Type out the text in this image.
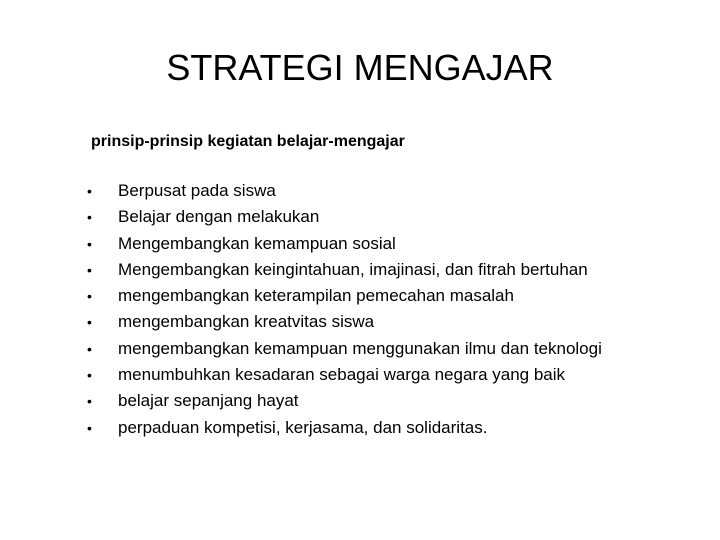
STRATEGI MENGAJAR

prinsip-prinsip kegiatan belajar-mengajar

• Berpusat pada siswa
• Belajar dengan melakukan
• Mengembangkan kemampuan sosial
• Mengembangkan keingintahuan, imajinasi, dan fitrah bertuhan
• mengembangkan keterampilan pemecahan masalah
• mengembangkan kreatvitas siswa
• mengembangkan kemampuan menggunakan ilmu dan teknologi
• menumbuhkan kesadaran sebagai warga negara yang baik
• belajar sepanjang hayat
• perpaduan kompetisi, kerjasama, dan solidaritas.
